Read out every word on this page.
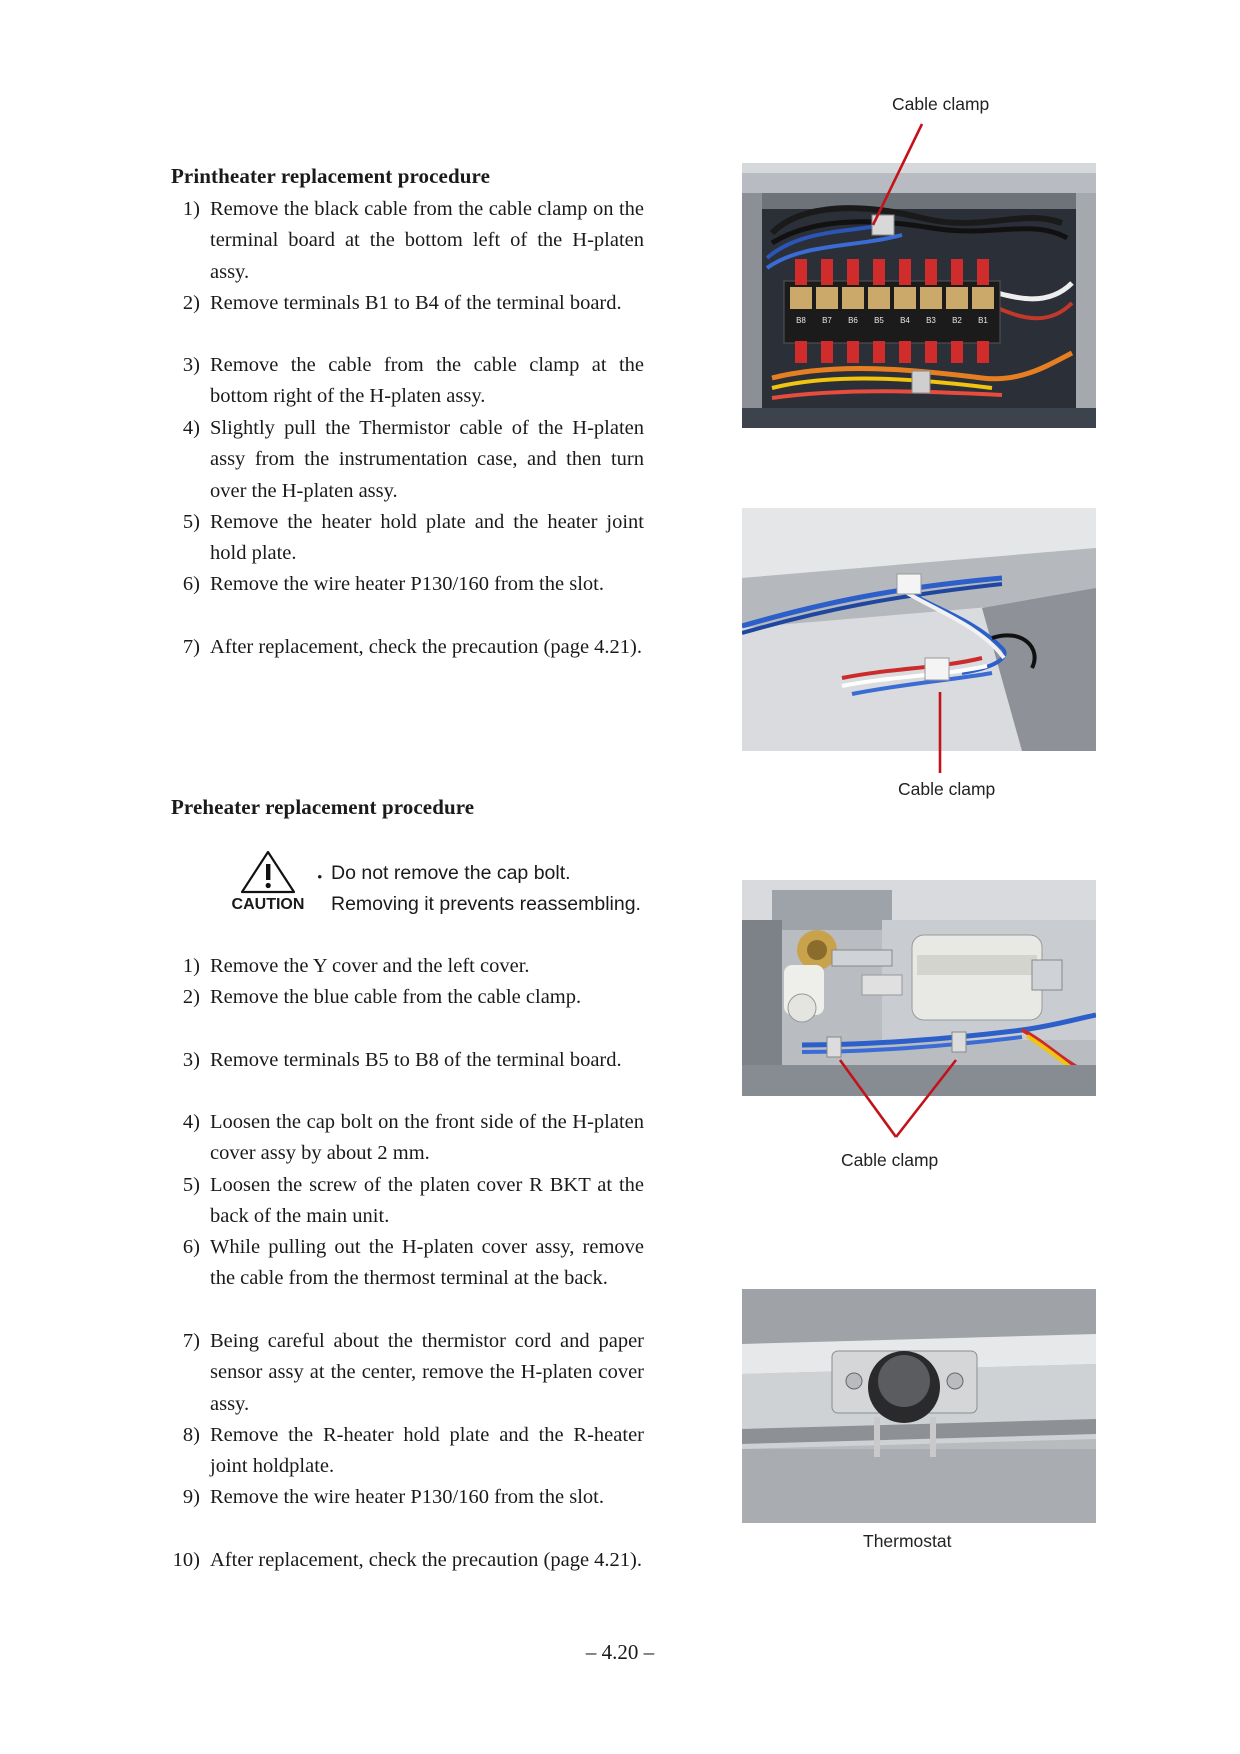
Printheater replacement procedure
1) Remove the black cable from the cable clamp on the terminal board at the bottom left of the H-platen assy.
2) Remove terminals B1 to B4 of the terminal board.
3) Remove the cable from the cable clamp at the bottom right of the H-platen assy.
4) Slightly pull the Thermistor cable of the H-platen assy from the instrumentation case, and then turn over the H-platen assy.
5) Remove the heater hold plate and the heater joint hold plate.
6) Remove the wire heater P130/160 from the slot.
7) After replacement, check the precaution (page 4.21).
Preheater replacement procedure
CAUTION
・ Do not remove the cap bolt.
Removing it prevents reassembling.
1) Remove the Y cover and the left cover.
2) Remove the blue cable from the cable clamp.
3) Remove terminals B5 to B8 of the terminal board.
4) Loosen the cap bolt on the front side of the H-platen cover assy by about 2 mm.
5) Loosen the screw of the platen cover R BKT at the back of the main unit.
6) While pulling out the H-platen cover assy, remove the cable from the thermost terminal at the back.
7) Being careful about the thermistor cord and paper sensor assy at the center, remove the H-platen cover assy.
8) Remove the R-heater hold plate and the R-heater joint holdplate.
9) Remove the wire heater P130/160 from the slot.
10) After replacement, check the precaution (page 4.21).
B8 B7 B6 B5 B4 B3 B2 B1
Cable clamp
Cable clamp
Cable clamp
Thermostat
– 4.20 –
